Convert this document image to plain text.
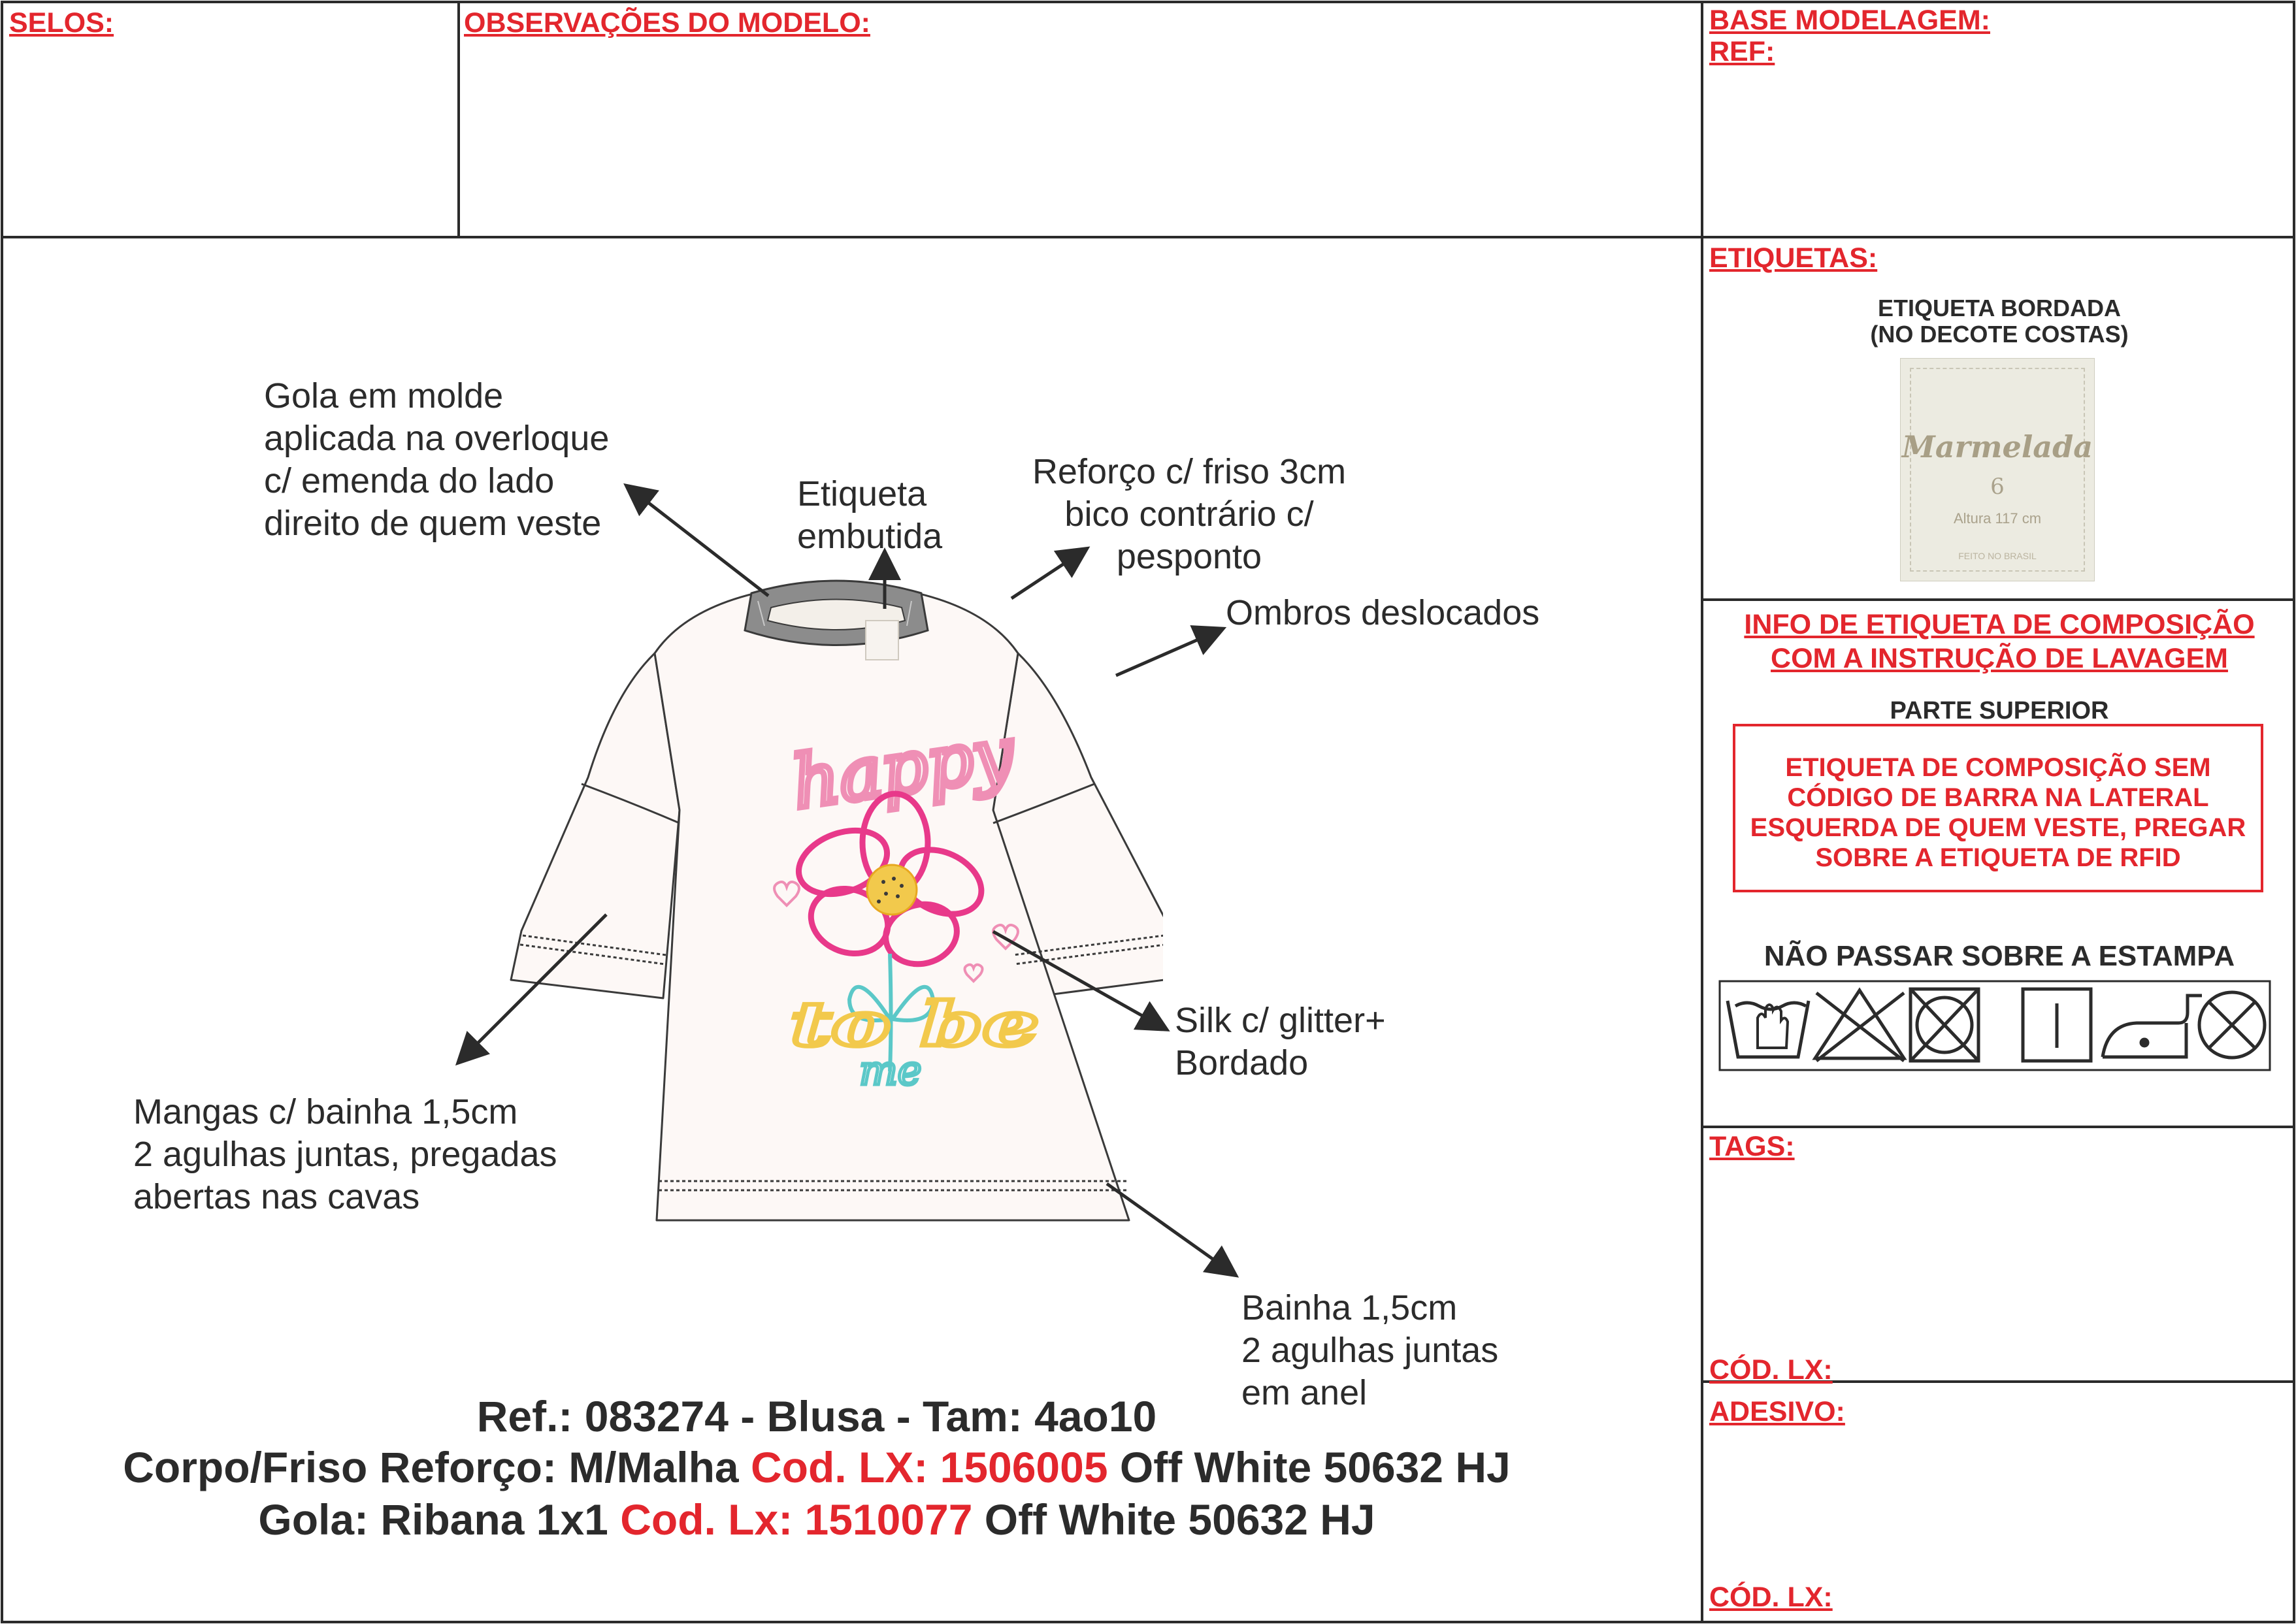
SELOS:	OBSERVAÇÕES DO MODELO:	BASE MODELAGEM:
REF:
ETIQUETAS:
ETIQUETA BORDADA
(NO DECOTE COSTAS)
Marmelada
6
Altura 117 cm
FEITO NO BRASIL
INFO DE ETIQUETA DE COMPOSIÇÃO
COM A INSTRUÇÃO DE LAVAGEM
PARTE SUPERIOR
ETIQUETA DE COMPOSIÇÃO SEM
CÓDIGO DE BARRA NA LATERAL
ESQUERDA DE QUEM VESTE, PREGAR
SOBRE A ETIQUETA DE RFID
NÃO PASSAR SOBRE A ESTAMPA
TAGS:
CÓD. LX:
ADESIVO:
CÓD. LX:
happy
to be
me
Gola em molde
aplicada na overloque
c/ emenda do lado
direito de quem veste
Etiqueta
embutida
Reforço c/ friso 3cm
bico contrário c/
pesponto
Ombros deslocados
Silk c/ glitter+
Bordado
Mangas c/ bainha 1,5cm
2 agulhas juntas, pregadas
abertas nas cavas
Bainha 1,5cm
2 agulhas juntas
em anel
Ref.: 083274 - Blusa - Tam: 4ao10
Corpo/Friso Reforço: M/Malha Cod. LX: 1506005 Off White 50632 HJ
Gola: Ribana 1x1 Cod. Lx: 1510077 Off White 50632 HJ
